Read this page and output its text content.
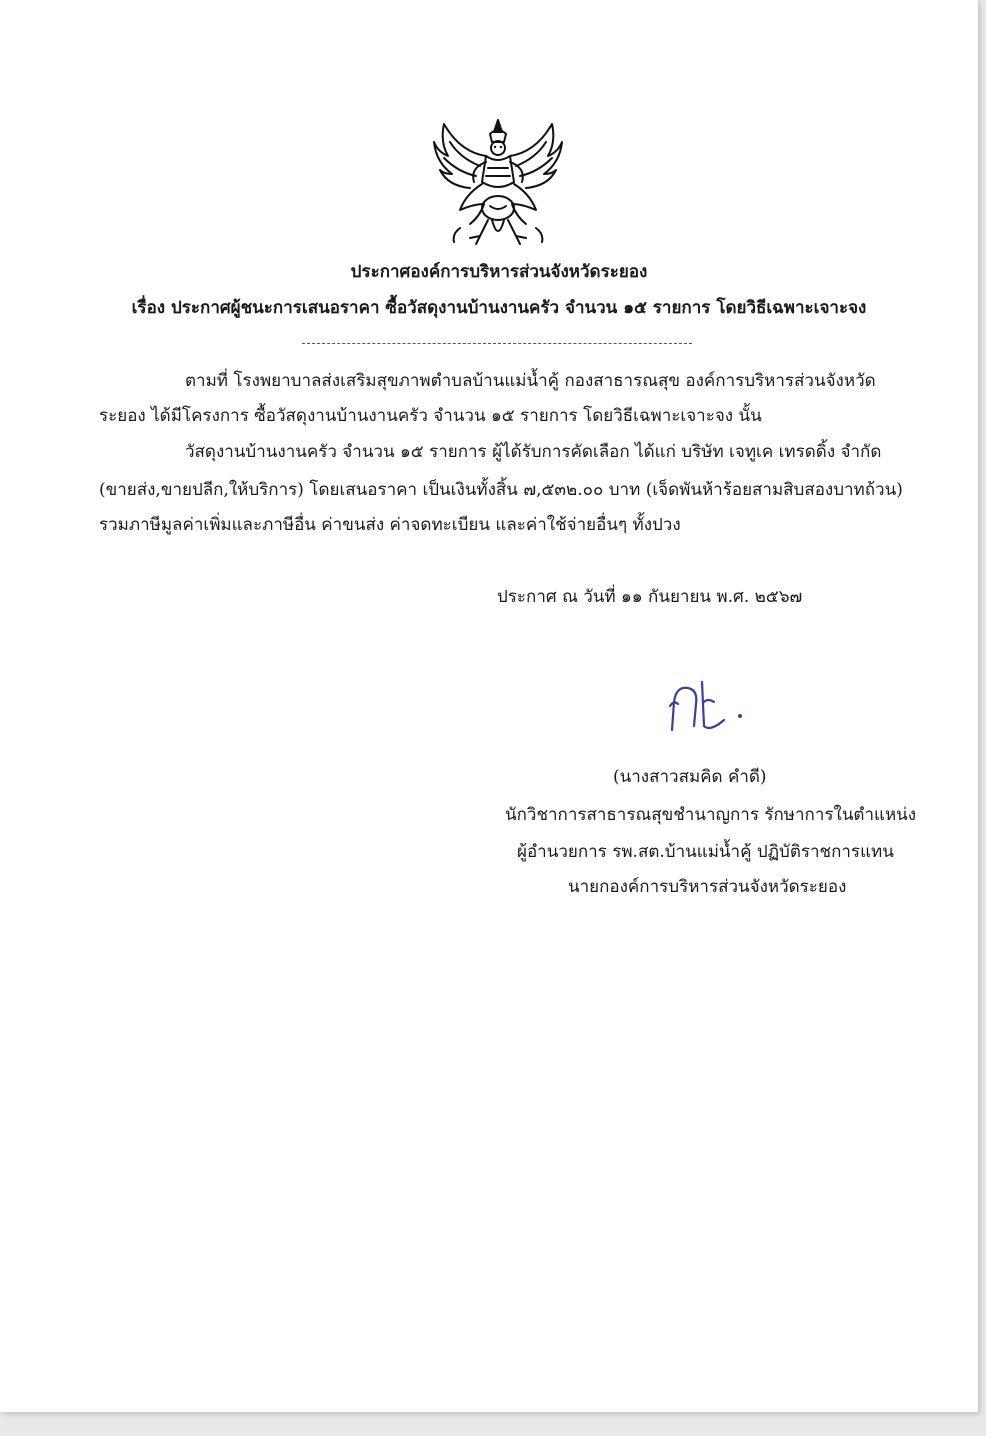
ประกาศองค์การบริหารส่วนจังหวัดระยอง
เรื่อง ประกาศผู้ชนะการเสนอราคา ซื้อวัสดุงานบ้านงานครัว จำนวน ๑๕ รายการ โดยวิธีเฉพาะเจาะจง
ตามที่ โรงพยาบาลส่งเสริมสุขภาพตำบลบ้านแม่น้ำคู้ กองสาธารณสุข องค์การบริหารส่วนจังหวัด
ระยอง ได้มีโครงการ ซื้อวัสดุงานบ้านงานครัว จำนวน ๑๕ รายการ โดยวิธีเฉพาะเจาะจง นั้น
วัสดุงานบ้านงานครัว จำนวน ๑๕ รายการ ผู้ได้รับการคัดเลือก ได้แก่ บริษัท เจทูเค เทรดดิ้ง จำกัด
(ขายส่ง,ขายปลีก,ให้บริการ) โดยเสนอราคา เป็นเงินทั้งสิ้น ๗,๕๓๒.๐๐ บาท (เจ็ดพันห้าร้อยสามสิบสองบาทถ้วน)
รวมภาษีมูลค่าเพิ่มและภาษีอื่น ค่าขนส่ง ค่าจดทะเบียน และค่าใช้จ่ายอื่นๆ ทั้งปวง
ประกาศ ณ วันที่ ๑๑ กันยายน พ.ศ. ๒๕๖๗
(นางสาวสมคิด คำดี)
นักวิชาการสาธารณสุขชำนาญการ รักษาการในตำแหน่ง
ผู้อำนวยการ รพ.สต.บ้านแม่น้ำคู้ ปฏิบัติราชการแทน
นายกองค์การบริหารส่วนจังหวัดระยอง
